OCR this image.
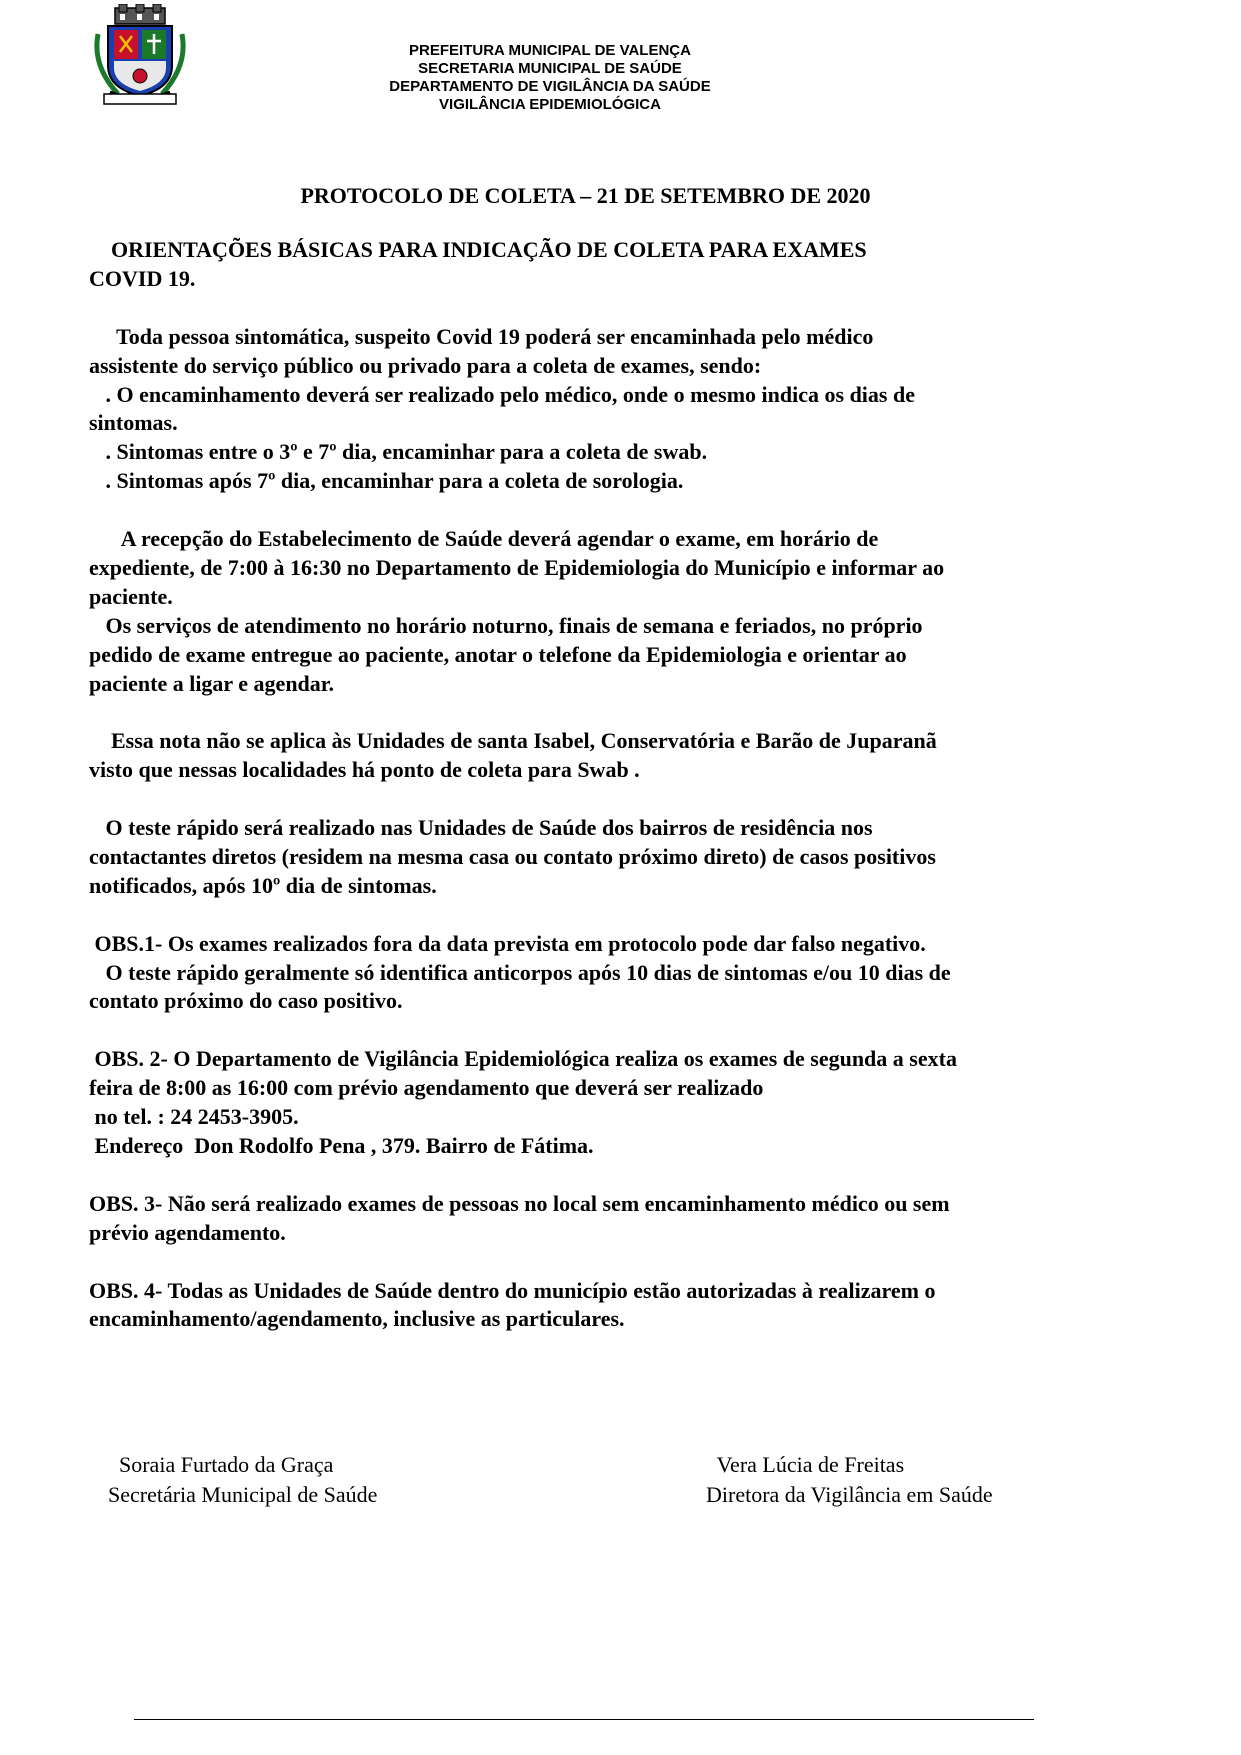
PREFEITURA MUNICIPAL DE VALENÇA
SECRETARIA MUNICIPAL DE SAÚDE
DEPARTAMENTO DE VIGILÂNCIA DA SAÚDE
VIGILÂNCIA EPIDEMIOLÓGICA
PROTOCOLO DE COLETA – 21 DE SETEMBRO DE 2020

ORIENTAÇÕES BÁSICAS PARA INDICAÇÃO DE COLETA PARA EXAMES

COVID 19.

Toda pessoa sintomática, suspeito Covid 19 poderá ser encaminhada pelo médico

assistente do serviço público ou privado para a coleta de exames, sendo:

. O encaminhamento deverá ser realizado pelo médico, onde o mesmo indica os dias de

sintomas.

. Sintomas entre o 3º e 7º dia, encaminhar para a coleta de swab.

. Sintomas após 7º dia, encaminhar para a coleta de sorologia.

A recepção do Estabelecimento de Saúde deverá agendar o exame, em horário de

expediente, de 7:00 à 16:30 no Departamento de Epidemiologia do Município e informar ao

paciente.

Os serviços de atendimento no horário noturno, finais de semana e feriados, no próprio

pedido de exame entregue ao paciente, anotar o telefone da Epidemiologia e orientar ao

paciente a ligar e agendar.

Essa nota não se aplica às Unidades de santa Isabel, Conservatória e Barão de Juparanã

visto que nessas localidades há ponto de coleta para Swab .

O teste rápido será realizado nas Unidades de Saúde dos bairros de residência nos

contactantes diretos (residem na mesma casa ou contato próximo direto) de casos positivos

notificados, após 10º dia de sintomas.

OBS.1- Os exames realizados fora da data prevista em protocolo pode dar falso negativo.

O teste rápido geralmente só identifica anticorpos após 10 dias de sintomas e/ou 10 dias de

contato próximo do caso positivo.

OBS. 2- O Departamento de Vigilância Epidemiológica realiza os exames de segunda a sexta

feira de 8:00 as 16:00 com prévio agendamento que deverá ser realizado

no tel. : 24 2453-3905.

Endereço  Don Rodolfo Pena , 379. Bairro de Fátima.

OBS. 3- Não será realizado exames de pessoas no local sem encaminhamento médico ou sem

prévio agendamento.

OBS. 4- Todas as Unidades de Saúde dentro do município estão autorizadas à realizarem o

encaminhamento/agendamento, inclusive as particulares.

Soraia Furtado da Graça
Secretária Municipal de Saúde
Vera Lúcia de Freitas
Diretora da Vigilância em Saúde
